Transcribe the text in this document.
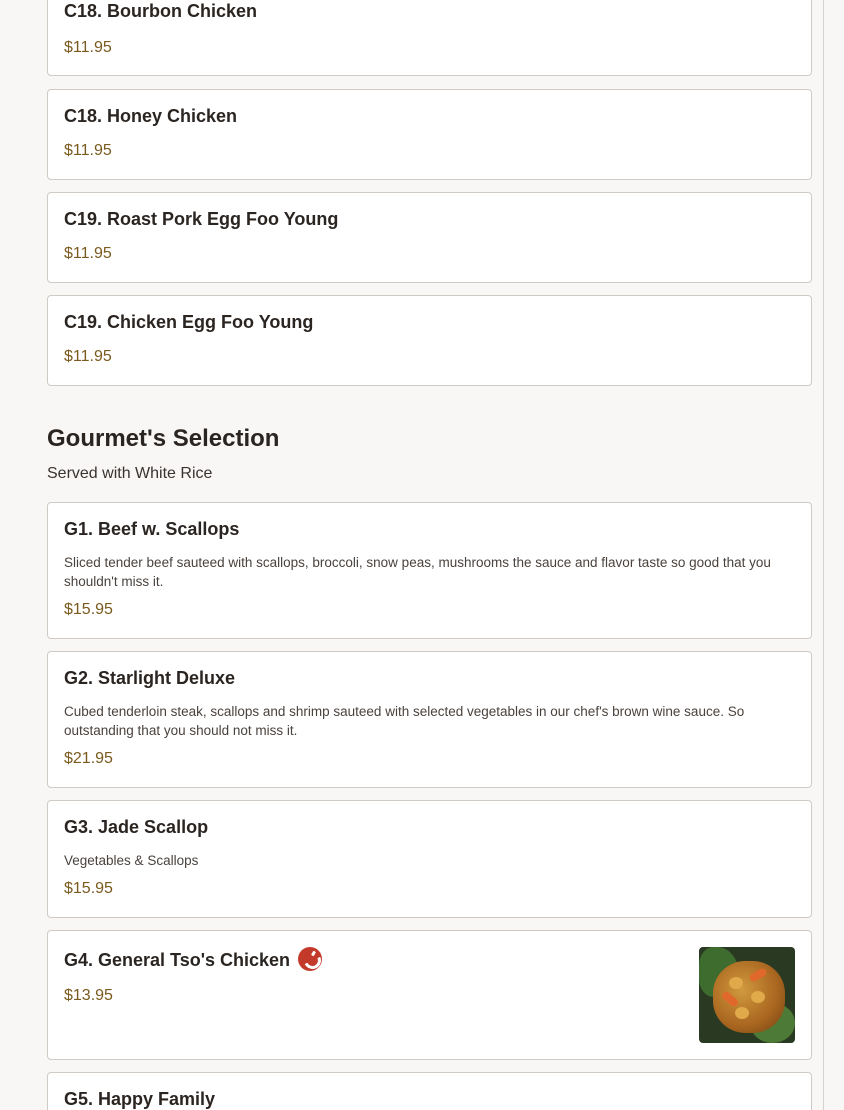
C18. Bourbon Chicken
$11.95
C18. Honey Chicken
$11.95
C19. Roast Pork Egg Foo Young
$11.95
C19. Chicken Egg Foo Young
$11.95
Gourmet's Selection
Served with White Rice
G1. Beef w. Scallops
Sliced tender beef sauteed with scallops, broccoli, snow peas, mushrooms the sauce and flavor taste so good that you shouldn't miss it.
$15.95
G2. Starlight Deluxe
Cubed tenderloin steak, scallops and shrimp sauteed with selected vegetables in our chef's brown wine sauce. So outstanding that you should not miss it.
$21.95
G3. Jade Scallop
Vegetables & Scallops
$15.95
G4. General Tso's Chicken
$13.95
G5. Happy Family
